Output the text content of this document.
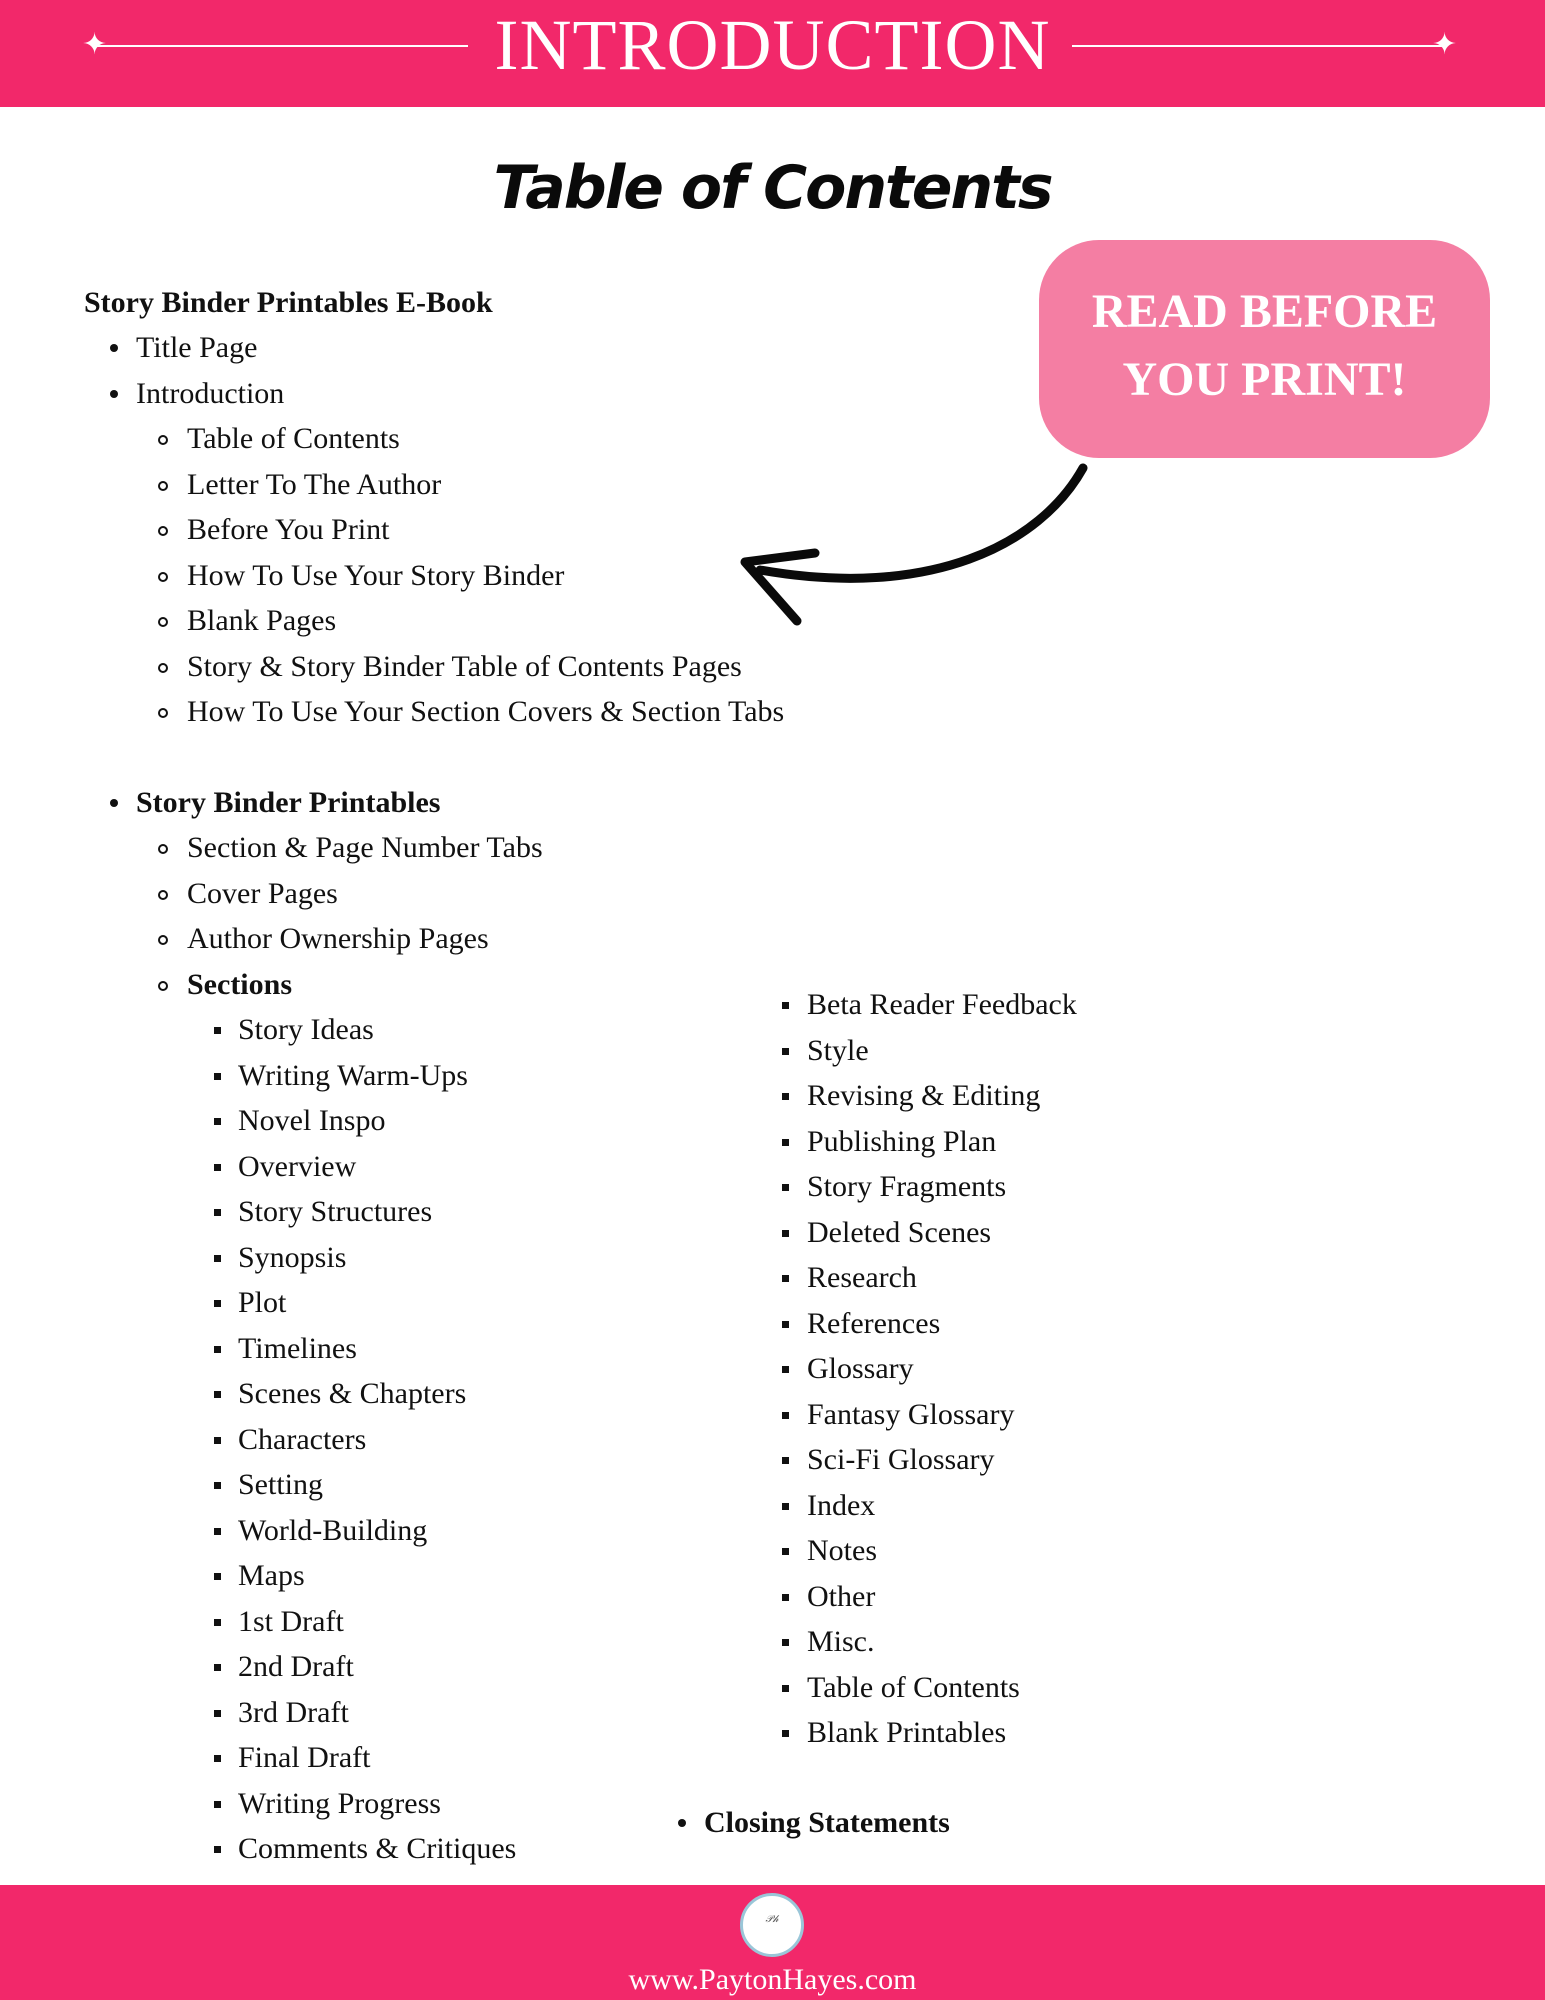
✦	✦
INTRODUCTION
Table of Contents
READ BEFORE
YOU PRINT!
Story Binder Printables E-Book
Title Page
Introduction
Table of Contents
Letter To The Author
Before You Print
How To Use Your Story Binder
Blank Pages
Story & Story Binder Table of Contents Pages
How To Use Your Section Covers & Section Tabs
Story Binder Printables
Section & Page Number Tabs
Cover Pages
Author Ownership Pages
Sections
Story Ideas
Writing Warm-Ups
Novel Inspo
Overview
Story Structures
Synopsis
Plot
Timelines
Scenes & Chapters
Characters
Setting
World-Building
Maps
1st Draft
2nd Draft
3rd Draft
Final Draft
Writing Progress
Comments & Critiques
Beta Reader Feedback
Style
Revising & Editing
Publishing Plan
Story Fragments
Deleted Scenes
Research
References
Glossary
Fantasy Glossary
Sci-Fi Glossary
Index
Notes
Other
Misc.
Table of Contents
Blank Printables
Closing Statements
𝒫𝒽
www.PaytonHayes.com
